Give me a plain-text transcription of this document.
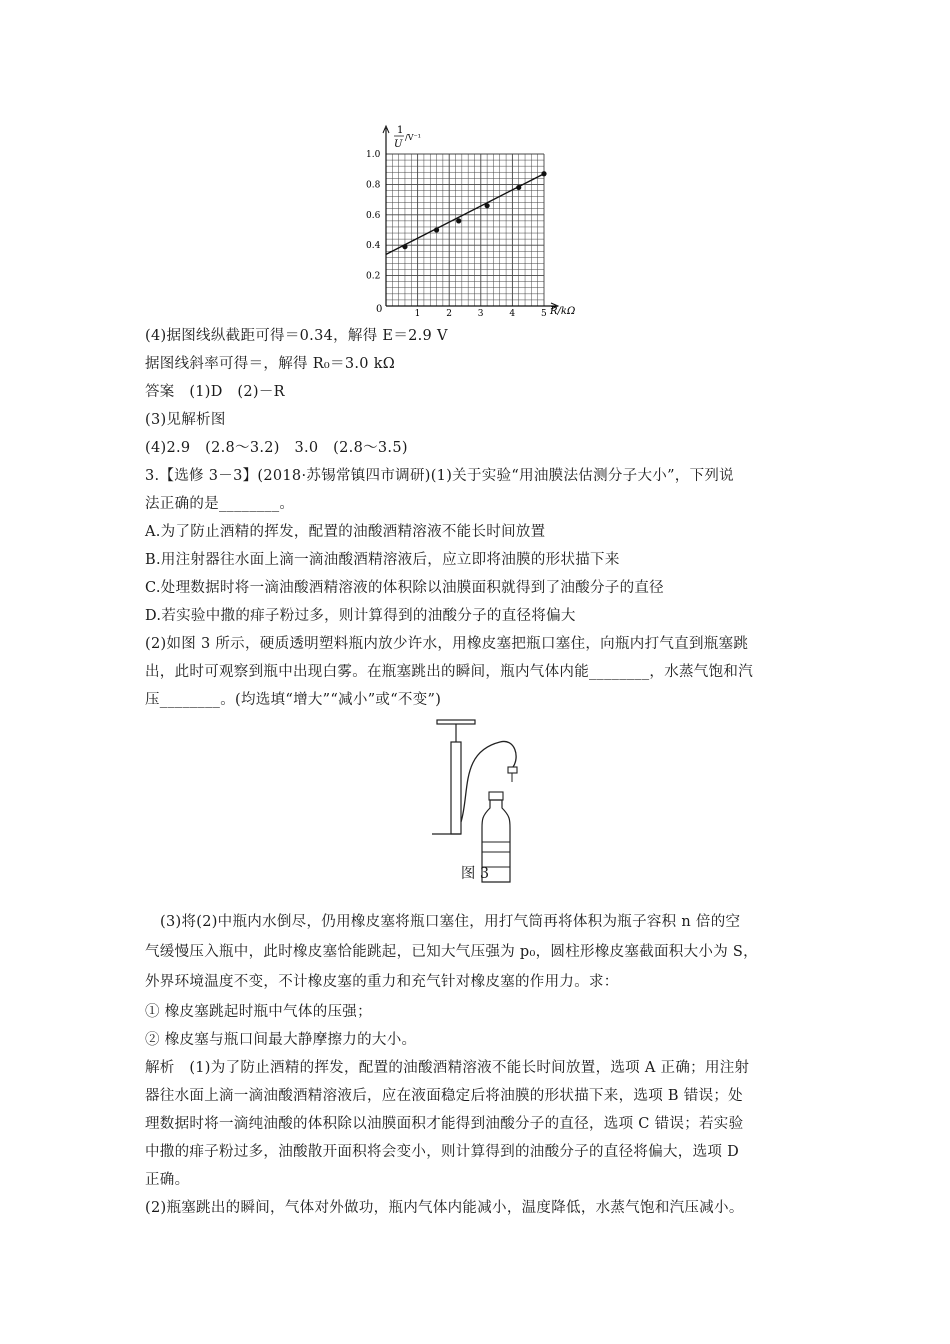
1
U
/V⁻¹
0	R/kΩ
1	2	3	4	5
0.2
0.4
0.6
0.8
1.0
(4)据图线纵截距可得＝0.34，解得 E＝2.9 V
据图线斜率可得＝，解得 R₀＝3.0 kΩ
答案   (1)D   (2)－R
(3)见解析图
(4)2.9   (2.8～3.2)   3.0   (2.8～3.5)
3.【选修 3－3】(2018·苏锡常镇四市调研)(1)关于实验“用油膜法估测分子大小”，下列说
法正确的是________。
A.为了防止酒精的挥发，配置的油酸酒精溶液不能长时间放置
B.用注射器往水面上滴一滴油酸酒精溶液后，应立即将油膜的形状描下来
C.处理数据时将一滴油酸酒精溶液的体积除以油膜面积就得到了油酸分子的直径
D.若实验中撒的痱子粉过多，则计算得到的油酸分子的直径将偏大
(2)如图 3 所示，硬质透明塑料瓶内放少许水，用橡皮塞把瓶口塞住，向瓶内打气直到瓶塞跳
出，此时可观察到瓶中出现白雾。在瓶塞跳出的瞬间，瓶内气体内能________，水蒸气饱和汽
压________。(均选填“增大”“减小”或“不变”)
图 3
(3)将(2)中瓶内水倒尽，仍用橡皮塞将瓶口塞住，用打气筒再将体积为瓶子容积 n 倍的空
气缓慢压入瓶中，此时橡皮塞恰能跳起，已知大气压强为 p₀，圆柱形橡皮塞截面积大小为 S，
外界环境温度不变，不计橡皮塞的重力和充气针对橡皮塞的作用力。求：
① 橡皮塞跳起时瓶中气体的压强；
② 橡皮塞与瓶口间最大静摩擦力的大小。
解析   (1)为了防止酒精的挥发，配置的油酸酒精溶液不能长时间放置，选项 A 正确；用注射
器往水面上滴一滴油酸酒精溶液后，应在液面稳定后将油膜的形状描下来，选项 B 错误；处
理数据时将一滴纯油酸的体积除以油膜面积才能得到油酸分子的直径，选项 C 错误；若实验
中撒的痱子粉过多，油酸散开面积将会变小，则计算得到的油酸分子的直径将偏大，选项 D
正确。
(2)瓶塞跳出的瞬间，气体对外做功，瓶内气体内能减小，温度降低，水蒸气饱和汽压减小。
